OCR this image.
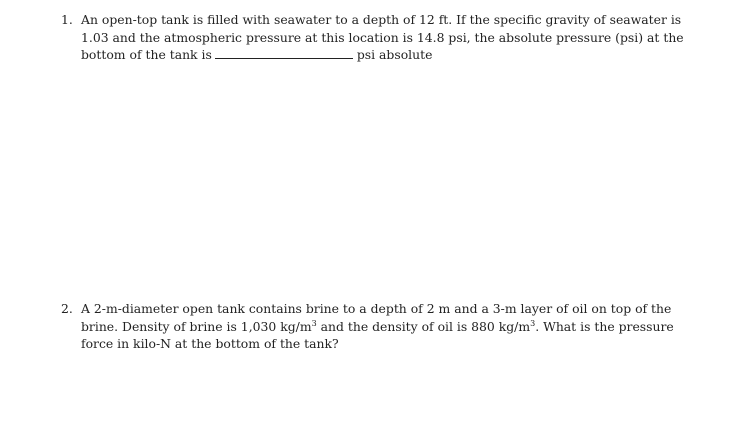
1. An open-top tank is filled with seawater to a depth of 12 ft. If the specific gravity of seawater is
1.03 and the atmospheric pressure at this location is 14.8 psi, the absolute pressure (psi) at the
bottom of the tank is	psi absolute
2. A 2-m-diameter open tank contains brine to a depth of 2 m and a 3-m layer of oil on top of the
brine. Density of brine is 1,030 $kg/m^3$ and the density of oil is 880 $kg/m^3$. What is the pressure
force in kilo-N at the bottom of the tank?
